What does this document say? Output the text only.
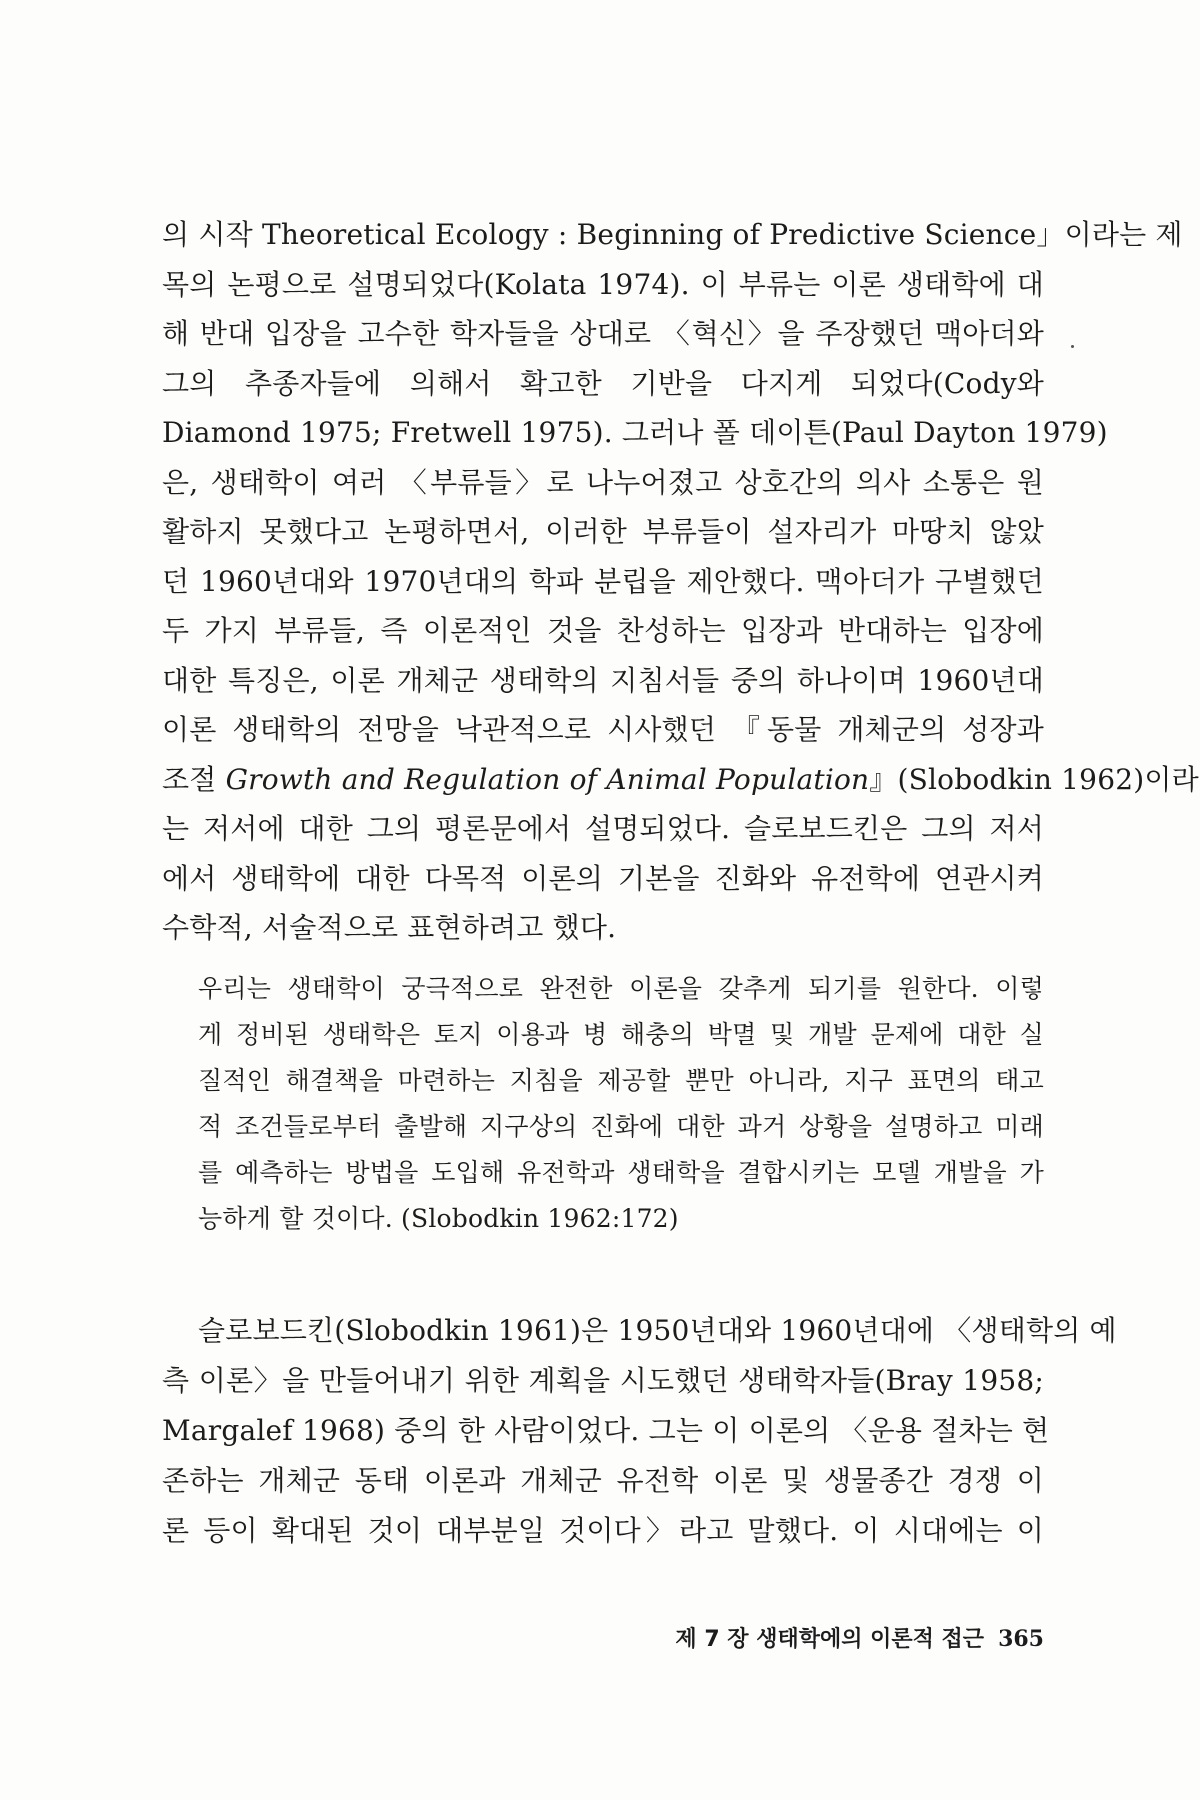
의 시작 Theoretical Ecology : Beginning of Predictive Science」이라는 제
목의 논평으로 설명되었다(Kolata 1974). 이 부류는 이론 생태학에 대
해 반대 입장을 고수한 학자들을 상대로 〈혁신〉을 주장했던 맥아더와
그의 추종자들에 의해서 확고한 기반을 다지게 되었다(Cody와
Diamond 1975; Fretwell 1975). 그러나 폴 데이튼(Paul Dayton 1979)
은, 생태학이 여러 〈부류들〉로 나누어졌고 상호간의 의사 소통은 원
활하지 못했다고 논평하면서, 이러한 부류들이 설자리가 마땅치 않았
던 1960년대와 1970년대의 학파 분립을 제안했다. 맥아더가 구별했던
두 가지 부류들, 즉 이론적인 것을 찬성하는 입장과 반대하는 입장에
대한 특징은, 이론 개체군 생태학의 지침서들 중의 하나이며 1960년대
이론 생태학의 전망을 낙관적으로 시사했던 『동물 개체군의 성장과
조절 Growth and Regulation of Animal Population』(Slobodkin 1962)이라
는 저서에 대한 그의 평론문에서 설명되었다. 슬로보드킨은 그의 저서
에서 생태학에 대한 다목적 이론의 기본을 진화와 유전학에 연관시켜
수학적, 서술적으로 표현하려고 했다.
우리는 생태학이 궁극적으로 완전한 이론을 갖추게 되기를 원한다. 이렇
게 정비된 생태학은 토지 이용과 병 해충의 박멸 및 개발 문제에 대한 실
질적인 해결책을 마련하는 지침을 제공할 뿐만 아니라, 지구 표면의 태고
적 조건들로부터 출발해 지구상의 진화에 대한 과거 상황을 설명하고 미래
를 예측하는 방법을 도입해 유전학과 생태학을 결합시키는 모델 개발을 가
능하게 할 것이다. (Slobodkin 1962:172)
슬로보드킨(Slobodkin 1961)은 1950년대와 1960년대에 〈생태학의 예
측 이론〉을 만들어내기 위한 계획을 시도했던 생태학자들(Bray 1958;
Margalef 1968) 중의 한 사람이었다. 그는 이 이론의 〈운용 절차는 현
존하는 개체군 동태 이론과 개체군 유전학 이론 및 생물종간 경쟁 이
론 등이 확대된 것이 대부분일 것이다〉라고 말했다. 이 시대에는 이
제 7 장 생태학에의 이론적 접근 365
